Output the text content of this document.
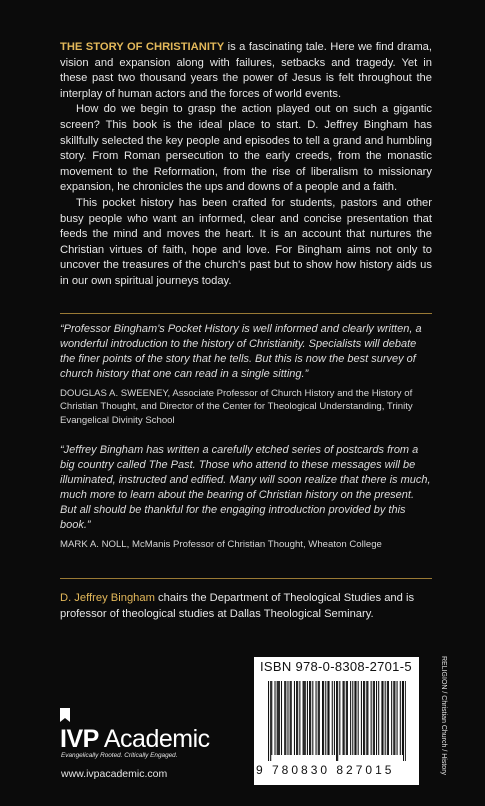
THE STORY OF CHRISTIANITY is a fascinating tale. Here we find drama, vision and expansion along with failures, setbacks and tragedy. Yet in these past two thousand years the power of Jesus is felt throughout the interplay of human actors and the forces of world events.

How do we begin to grasp the action played out on such a gigantic screen? This book is the ideal place to start. D. Jeffrey Bingham has skillfully selected the key people and episodes to tell a grand and humbling story. From Roman persecution to the early creeds, from the monastic movement to the Reformation, from the rise of liberalism to missionary expansion, he chronicles the ups and downs of a people and a faith.

This pocket history has been crafted for students, pastors and other busy people who want an informed, clear and concise presentation that feeds the mind and moves the heart. It is an account that nurtures the Christian virtues of faith, hope and love. For Bingham aims not only to uncover the treasures of the church's past but to show how history aids us in our own spiritual journeys today.

“Professor Bingham's Pocket History is well informed and clearly written, a wonderful introduction to the history of Christianity. Specialists will debate the finer points of the story that he tells. But this is now the best survey of church history that one can read in a single sitting.”
DOUGLAS A. SWEENEY, Associate Professor of Church History and the History of Christian Thought, and Director of the Center for Theological Understanding, Trinity Evangelical Divinity School
“Jeffrey Bingham has written a carefully etched series of postcards from a big country called The Past. Those who attend to these messages will be illuminated, instructed and edified. Many will soon realize that there is much, much more to learn about the bearing of Christian history on the present. But all should be thankful for the engaging introduction provided by this book.”
MARK A. NOLL, McManis Professor of Christian Thought, Wheaton College
D. Jeffrey Bingham chairs the Department of Theological Studies and is professor of theological studies at Dallas Theological Seminary.
ISBN 978-0-8308-2701-5
9 780830 827015	RELIGION / Christian Church / History
IVP Academic
Evangelically Rooted. Critically Engaged.
www.ivpacademic.com
